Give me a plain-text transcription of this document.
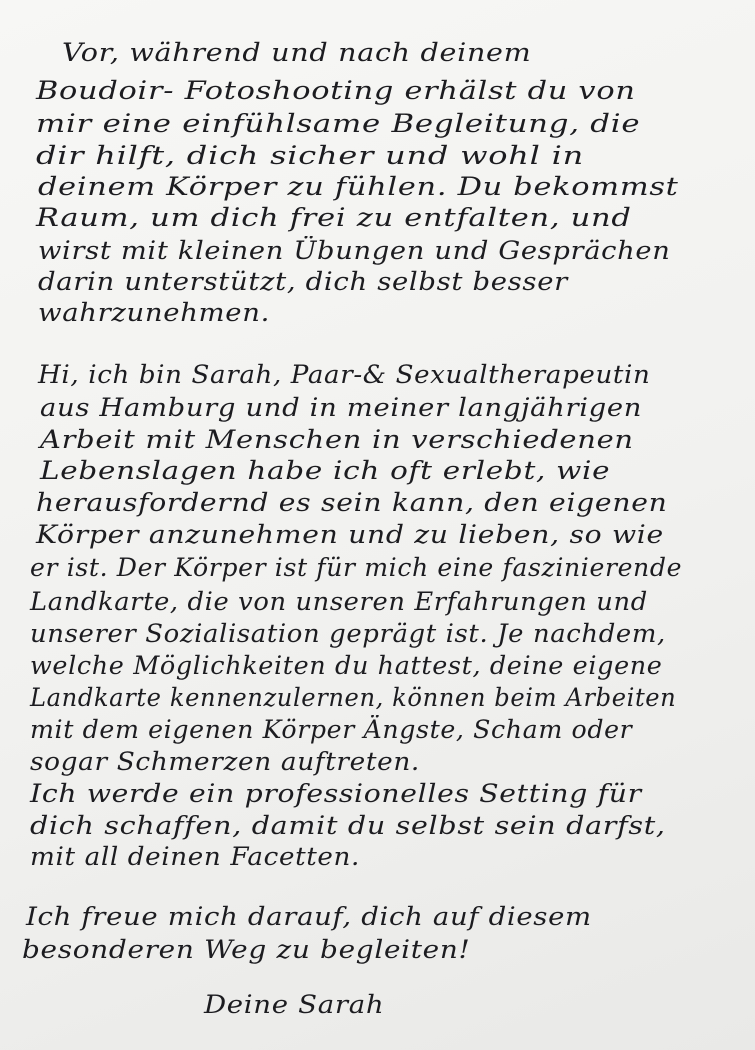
Vor, während und nach deinem
Boudoir- Fotoshooting erhälst du von
mir eine einfühlsame Begleitung, die
dir hilft, dich sicher und wohl in
deinem Körper zu fühlen. Du bekommst
Raum, um dich frei zu entfalten, und
wirst mit kleinen Übungen und Gesprächen
darin unterstützt, dich selbst besser
wahrzunehmen.
Hi, ich bin Sarah, Paar-& Sexualtherapeutin
aus Hamburg und in meiner langjährigen
Arbeit mit Menschen in verschiedenen
Lebenslagen habe ich oft erlebt, wie
herausfordernd es sein kann, den eigenen
Körper anzunehmen und zu lieben, so wie
er ist. Der Körper ist für mich eine faszinierende
Landkarte, die von unseren Erfahrungen und
unserer Sozialisation geprägt ist. Je nachdem,
welche Möglichkeiten du hattest, deine eigene
Landkarte kennenzulernen, können beim Arbeiten
mit dem eigenen Körper Ängste, Scham oder
sogar Schmerzen auftreten.
Ich werde ein professionelles Setting für
dich schaffen, damit du selbst sein darfst,
mit all deinen Facetten.
Ich freue mich darauf, dich auf diesem
besonderen Weg zu begleiten!
Deine Sarah
